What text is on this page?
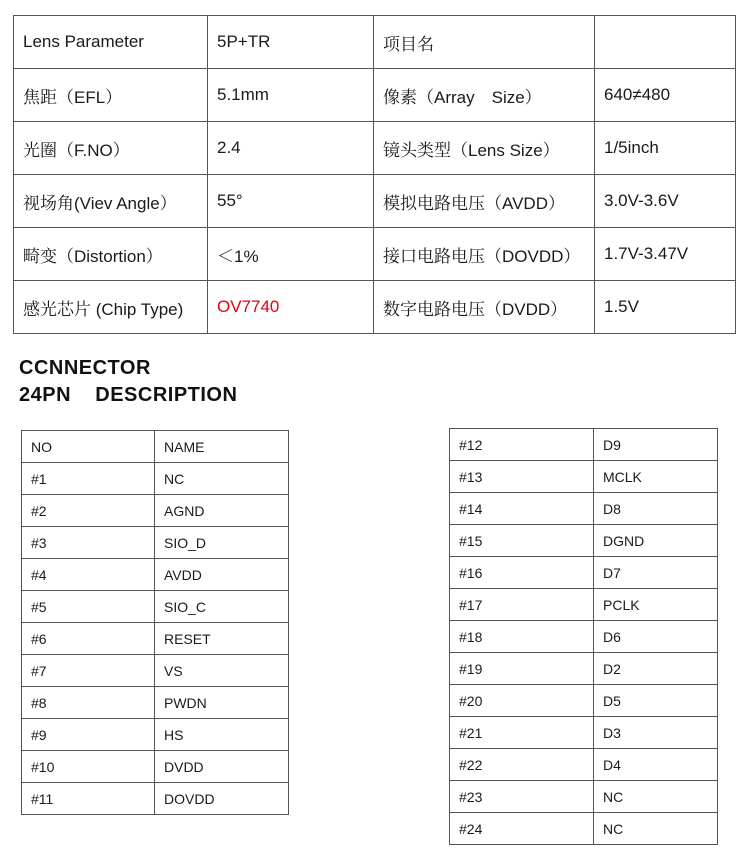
Lens Parameter	5P+TR	项目名	
焦距（EFL）	5.1mm	像素（Array　Size）	640≠480
光圈（F.NO）	2.4	镜头类型（Lens Size）	1/5inch
视场角(Viev Angle）	55°	模拟电路电压（AVDD）	3.0V-3.6V
畸变（Distortion）	＜1%	接口电路电压（DOVDD）	1.7V-3.47V
感光芯片 (Chip Type)	OV7740	数字电路电压（DVDD）	1.5V
CCNNECTOR
24PN    DESCRIPTION
NO	NAME
#1	NC
#2	AGND
#3	SIO_D
#4	AVDD
#5	SIO_C
#6	RESET
#7	VS
#8	PWDN
#9	HS
#10	DVDD
#11	DOVDD
#12	D9
#13	MCLK
#14	D8
#15	DGND
#16	D7
#17	PCLK
#18	D6
#19	D2
#20	D5
#21	D3
#22	D4
#23	NC
#24	NC
